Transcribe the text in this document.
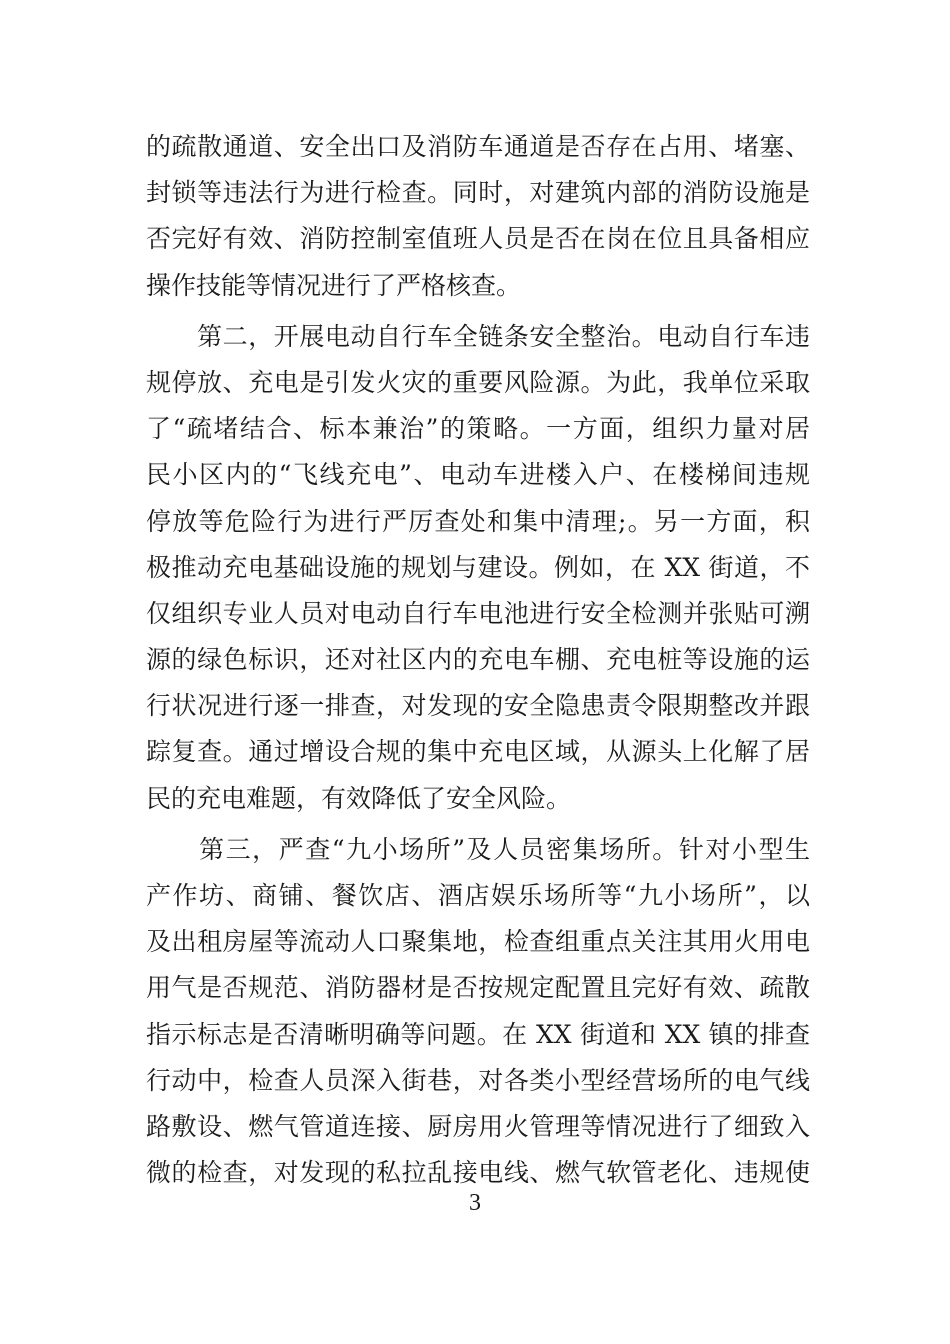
的疏散通道、安全出口及消防车通道是否存在占用、堵塞、
封锁等违法行为进行检查。同时，对建筑内部的消防设施是
否完好有效、消防控制室值班人员是否在岗在位且具备相应
操作技能等情况进行了严格核查。
　　第二，开展电动自行车全链条安全整治。电动自行车违
规停放、充电是引发火灾的重要风险源。为此，我单位采取
了“疏堵结合、标本兼治”的策略。一方面，组织力量对居
民小区内的“飞线充电”、电动车进楼入户、在楼梯间违规
停放等危险行为进行严厉查处和集中清理;。另一方面，积
极推动充电基础设施的规划与建设。例如，在 XX 街道，不
仅组织专业人员对电动自行车电池进行安全检测并张贴可溯
源的绿色标识，还对社区内的充电车棚、充电桩等设施的运
行状况进行逐一排查，对发现的安全隐患责令限期整改并跟
踪复查。通过增设合规的集中充电区域，从源头上化解了居
民的充电难题，有效降低了安全风险。
　　第三，严查“九小场所”及人员密集场所。针对小型生
产作坊、商铺、餐饮店、酒店娱乐场所等“九小场所”，以
及出租房屋等流动人口聚集地，检查组重点关注其用火用电
用气是否规范、消防器材是否按规定配置且完好有效、疏散
指示标志是否清晰明确等问题。在 XX 街道和 XX 镇的排查
行动中，检查人员深入街巷，对各类小型经营场所的电气线
路敷设、燃气管道连接、厨房用火管理等情况进行了细致入
微的检查，对发现的私拉乱接电线、燃气软管老化、违规使
3
